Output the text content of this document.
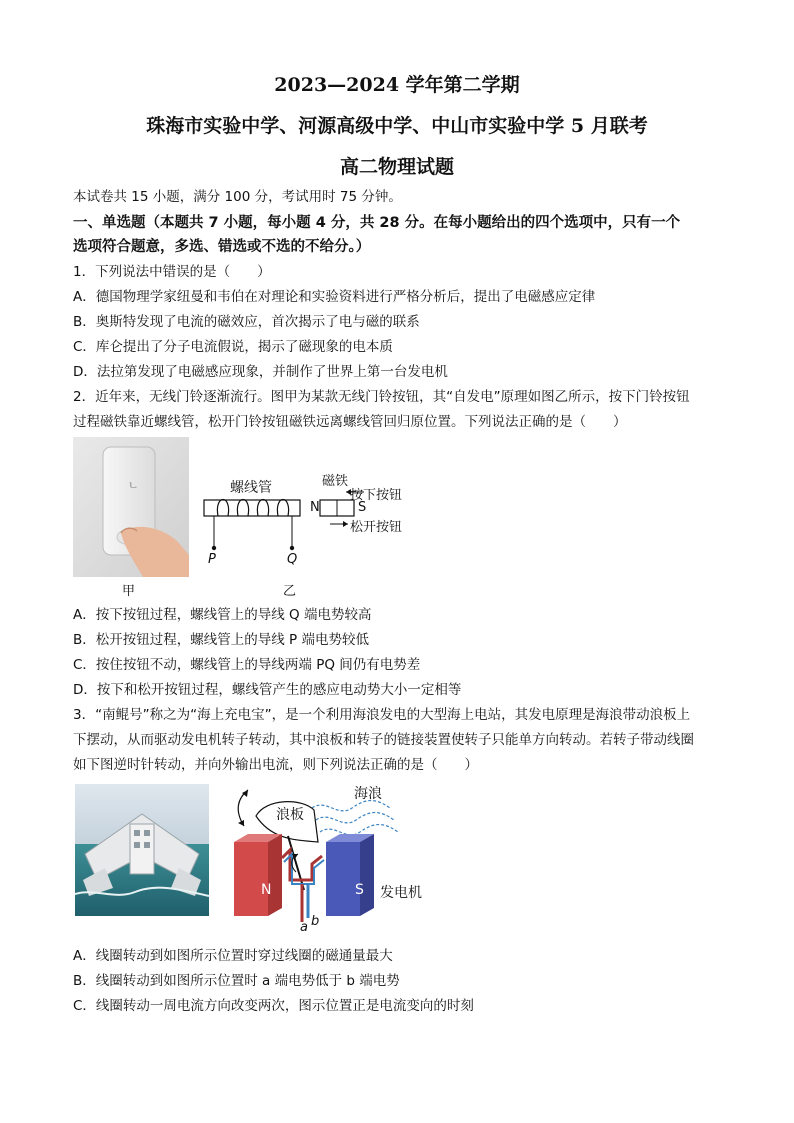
2023—2024 学年第二学期
珠海市实验中学、河源高级中学、中山市实验中学 5 月联考
高二物理试题
本试卷共 15 小题，满分 100 分，考试用时 75 分钟。
一、单选题（本题共 7 小题，每小题 4 分，共 28 分。在每小题给出的四个选项中，只有一个
选项符合题意，多选、错选或不选的不给分。）
1．下列说法中错误的是（　　）
A．德国物理学家纽曼和韦伯在对理论和实验资料进行严格分析后，提出了电磁感应定律
B．奥斯特发现了电流的磁效应，首次揭示了电与磁的联系
C．库仑提出了分子电流假说，揭示了磁现象的电本质
D．法拉第发现了电磁感应现象，并制作了世界上第一台发电机
2．近年来，无线门铃逐渐流行。图甲为某款无线门铃按钮，其“自发电”原理如图乙所示，按下门铃按钮
过程磁铁靠近螺线管，松开门铃按钮磁铁远离螺线管回归原位置。下列说法正确的是（　　）
ㄴ
甲
螺线管	磁铁
按下按钮
松开按钮
N	S
P	Q
乙
A．按下按钮过程，螺线管上的导线 Q 端电势较高
B．松开按钮过程，螺线管上的导线 P 端电势较低
C．按住按钮不动，螺线管上的导线两端 PQ 间仍有电势差
D．按下和松开按钮过程，螺线管产生的感应电动势大小一定相等
3．“南鲲号”称之为“海上充电宝”，是一个利用海浪发电的大型海上电站，其发电原理是海浪带动浪板上
下摆动，从而驱动发电机转子转动，其中浪板和转子的链接装置使转子只能单方向转动。若转子带动线圈
如下图逆时针转动，并向外输出电流，则下列说法正确的是（　　）
海浪
浪板
N	S 发电机
a b
A．线圈转动到如图所示位置时穿过线圈的磁通量最大
B．线圈转动到如图所示位置时 a 端电势低于 b 端电势
C．线圈转动一周电流方向改变两次，图示位置正是电流变向的时刻
